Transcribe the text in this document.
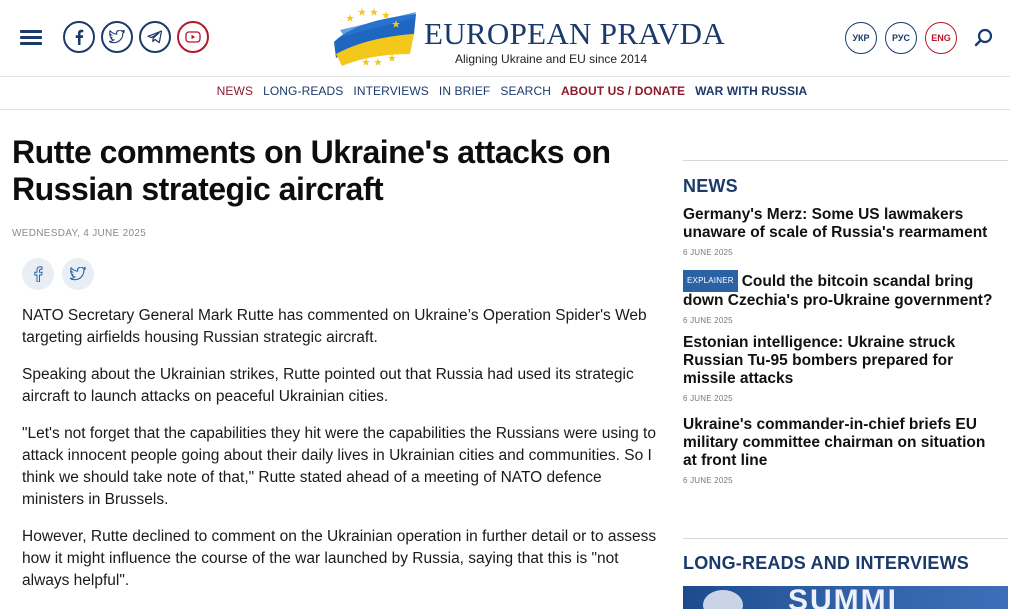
EUROPEAN PRAVDA
Aligning Ukraine and EU since 2014
УКР	РУС	ENG
NEWS LONG-READS INTERVIEWS IN BRIEF SEARCH ABOUT US / DONATE WAR WITH RUSSIA
Rutte comments on Ukraine's attacks on Russian strategic aircraft
WEDNESDAY, 4 JUNE 2025

NATO Secretary General Mark Rutte has commented on Ukraine’s Operation Spider's Web targeting airfields housing Russian strategic aircraft.

Speaking about the Ukrainian strikes, Rutte pointed out that Russia had used its strategic aircraft to launch attacks on peaceful Ukrainian cities.

"Let's not forget that the capabilities they hit were the capabilities the Russians were using to attack innocent people going about their daily lives in Ukrainian cities and communities. So I think we should take note of that," Rutte stated ahead of a meeting of NATO defence ministers in Brussels.

However, Rutte declined to comment on the Ukrainian operation in further detail or to assess how it might influence the course of the war launched by Russia, saying that this is "not always helpful".

NEWS
Germany's Merz: Some US lawmakers unaware of scale of Russia's rearmament
6 JUNE 2025
EXPLAINER Could the bitcoin scandal bring down Czechia's pro-Ukraine government?
6 JUNE 2025
Estonian intelligence: Ukraine struck Russian Tu-95 bombers prepared for missile attacks
6 JUNE 2025
Ukraine's commander-in-chief briefs EU military committee chairman on situation at front line
6 JUNE 2025
LONG-READS AND INTERVIEWS
SUMMI
